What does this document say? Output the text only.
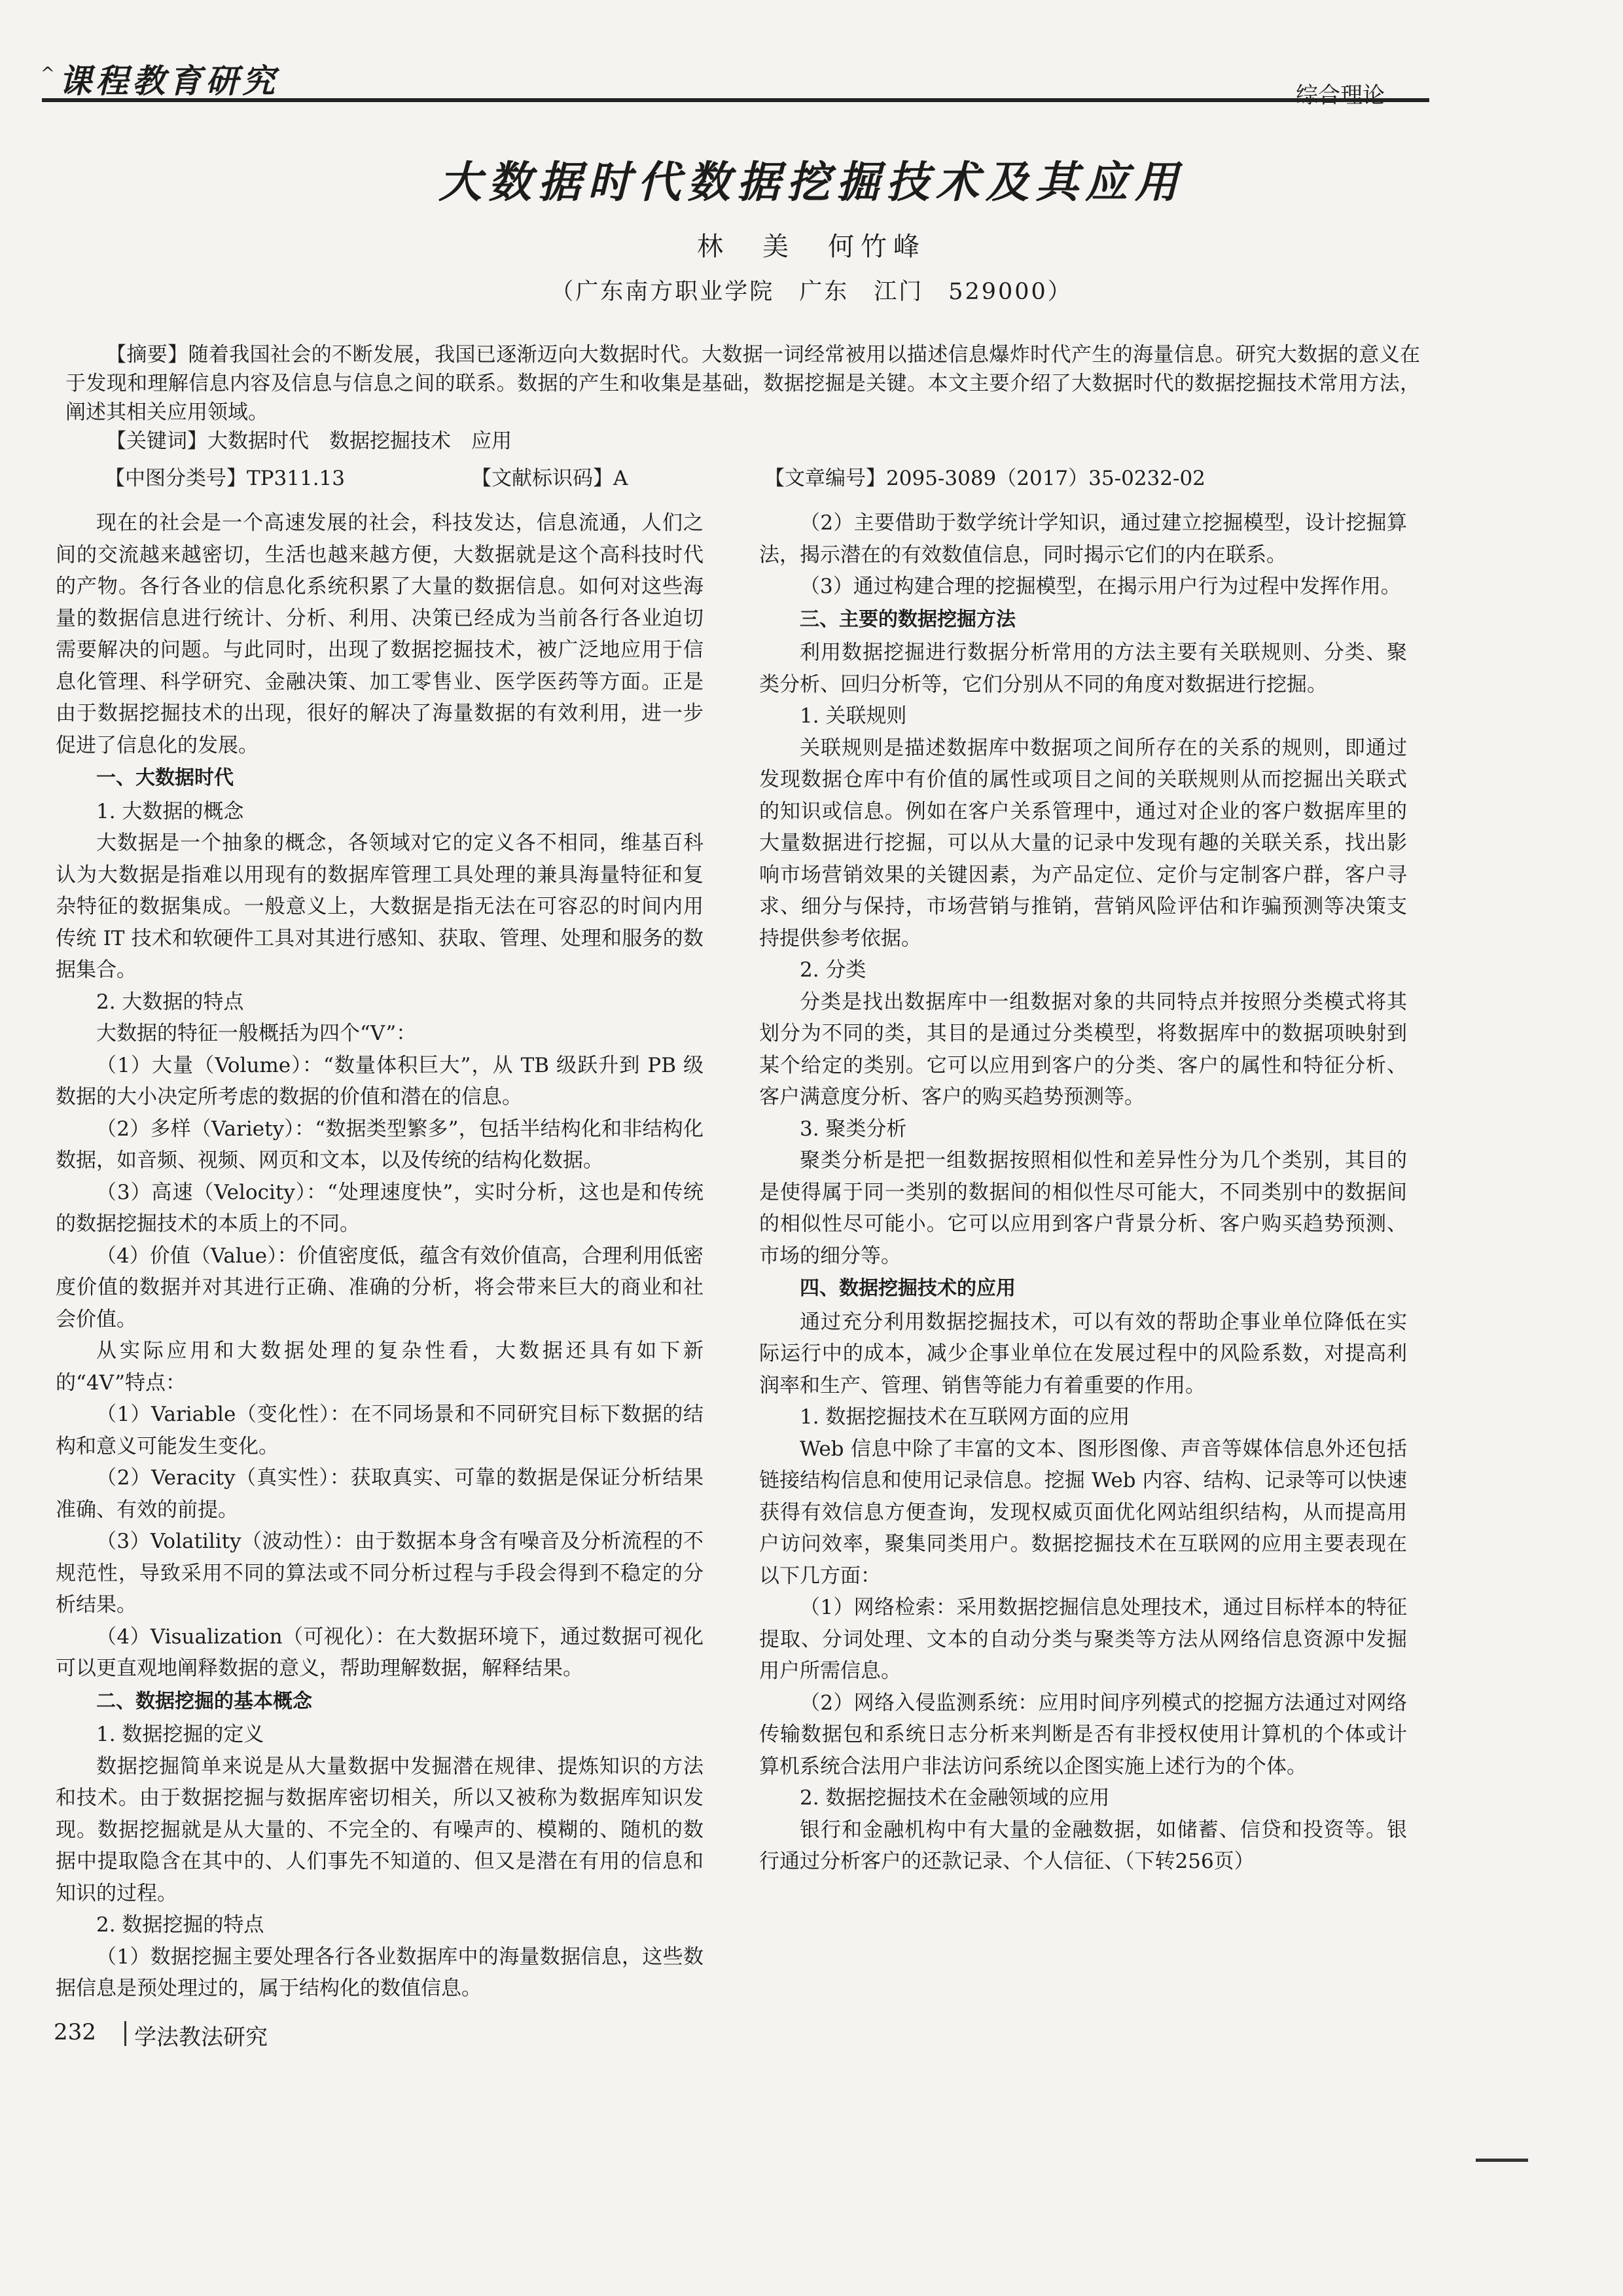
^ 课程教育研究	综合理论
大数据时代数据挖掘技术及其应用
林　美　何竹峰
（广东南方职业学院　广东　江门　529000）

【摘要】随着我国社会的不断发展，我国已逐渐迈向大数据时代。大数据一词经常被用以描述信息爆炸时代产生的海量信息。研究大数据的意义在于发现和理解信息内容及信息与信息之间的联系。数据的产生和收集是基础，数据挖掘是关键。本文主要介绍了大数据时代的数据挖掘技术常用方法，阐述其相关应用领域。

【关键词】大数据时代　数据挖掘技术　应用

【中图分类号】TP311.13	【文献标识码】A	【文章编号】2095-3089（2017）35-0232-02

现在的社会是一个高速发展的社会，科技发达，信息流通，人们之间的交流越来越密切，生活也越来越方便，大数据就是这个高科技时代的产物。各行各业的信息化系统积累了大量的数据信息。如何对这些海量的数据信息进行统计、分析、利用、决策已经成为当前各行各业迫切需要解决的问题。与此同时，出现了数据挖掘技术，被广泛地应用于信息化管理、科学研究、金融决策、加工零售业、医学医药等方面。正是由于数据挖掘技术的出现，很好的解决了海量数据的有效利用，进一步促进了信息化的发展。

一、大数据时代

1. 大数据的概念

大数据是一个抽象的概念，各领域对它的定义各不相同，维基百科认为大数据是指难以用现有的数据库管理工具处理的兼具海量特征和复杂特征的数据集成。一般意义上，大数据是指无法在可容忍的时间内用传统 IT 技术和软硬件工具对其进行感知、获取、管理、处理和服务的数据集合。

2. 大数据的特点

大数据的特征一般概括为四个“V”：

（1）大量（Volume）：“数量体积巨大”，从 TB 级跃升到 PB 级数据的大小决定所考虑的数据的价值和潜在的信息。

（2）多样（Variety）：“数据类型繁多”，包括半结构化和非结构化数据，如音频、视频、网页和文本，以及传统的结构化数据。

（3）高速（Velocity）：“处理速度快”，实时分析，这也是和传统的数据挖掘技术的本质上的不同。

（4）价值（Value）：价值密度低，蕴含有效价值高，合理利用低密度价值的数据并对其进行正确、准确的分析，将会带来巨大的商业和社会价值。

从实际应用和大数据处理的复杂性看，大数据还具有如下新的“4V”特点：

（1）Variable（变化性）：在不同场景和不同研究目标下数据的结构和意义可能发生变化。

（2）Veracity（真实性）：获取真实、可靠的数据是保证分析结果准确、有效的前提。

（3）Volatility（波动性）：由于数据本身含有噪音及分析流程的不规范性，导致采用不同的算法或不同分析过程与手段会得到不稳定的分析结果。

（4）Visualization（可视化）：在大数据环境下，通过数据可视化可以更直观地阐释数据的意义，帮助理解数据，解释结果。

二、数据挖掘的基本概念

1. 数据挖掘的定义

数据挖掘简单来说是从大量数据中发掘潜在规律、提炼知识的方法和技术。由于数据挖掘与数据库密切相关，所以又被称为数据库知识发现。数据挖掘就是从大量的、不完全的、有噪声的、模糊的、随机的数据中提取隐含在其中的、人们事先不知道的、但又是潜在有用的信息和知识的过程。

2. 数据挖掘的特点

（1）数据挖掘主要处理各行各业数据库中的海量数据信息，这些数据信息是预处理过的，属于结构化的数值信息。

（2）主要借助于数学统计学知识，通过建立挖掘模型，设计挖掘算法，揭示潜在的有效数值信息，同时揭示它们的内在联系。

（3）通过构建合理的挖掘模型，在揭示用户行为过程中发挥作用。

三、主要的数据挖掘方法

利用数据挖掘进行数据分析常用的方法主要有关联规则、分类、聚类分析、回归分析等，它们分别从不同的角度对数据进行挖掘。

1. 关联规则

关联规则是描述数据库中数据项之间所存在的关系的规则，即通过发现数据仓库中有价值的属性或项目之间的关联规则从而挖掘出关联式的知识或信息。例如在客户关系管理中，通过对企业的客户数据库里的大量数据进行挖掘，可以从大量的记录中发现有趣的关联关系，找出影响市场营销效果的关键因素，为产品定位、定价与定制客户群，客户寻求、细分与保持，市场营销与推销，营销风险评估和诈骗预测等决策支持提供参考依据。

2. 分类

分类是找出数据库中一组数据对象的共同特点并按照分类模式将其划分为不同的类，其目的是通过分类模型，将数据库中的数据项映射到某个给定的类别。它可以应用到客户的分类、客户的属性和特征分析、客户满意度分析、客户的购买趋势预测等。

3. 聚类分析

聚类分析是把一组数据按照相似性和差异性分为几个类别，其目的是使得属于同一类别的数据间的相似性尽可能大，不同类别中的数据间的相似性尽可能小。它可以应用到客户背景分析、客户购买趋势预测、市场的细分等。

四、数据挖掘技术的应用

通过充分利用数据挖掘技术，可以有效的帮助企事业单位降低在实际运行中的成本，减少企事业单位在发展过程中的风险系数，对提高利润率和生产、管理、销售等能力有着重要的作用。

1. 数据挖掘技术在互联网方面的应用

Web 信息中除了丰富的文本、图形图像、声音等媒体信息外还包括链接结构信息和使用记录信息。挖掘 Web 内容、结构、记录等可以快速获得有效信息方便查询，发现权威页面优化网站组织结构，从而提高用户访问效率，聚集同类用户。数据挖掘技术在互联网的应用主要表现在以下几方面：

（1）网络检索：采用数据挖掘信息处理技术，通过目标样本的特征提取、分词处理、文本的自动分类与聚类等方法从网络信息资源中发掘用户所需信息。

（2）网络入侵监测系统：应用时间序列模式的挖掘方法通过对网络传输数据包和系统日志分析来判断是否有非授权使用计算机的个体或计算机系统合法用户非法访问系统以企图实施上述行为的个体。

2. 数据挖掘技术在金融领域的应用

银行和金融机构中有大量的金融数据，如储蓄、信贷和投资等。银行通过分析客户的还款记录、个人信征、（下转256页）

232 学法教法研究
